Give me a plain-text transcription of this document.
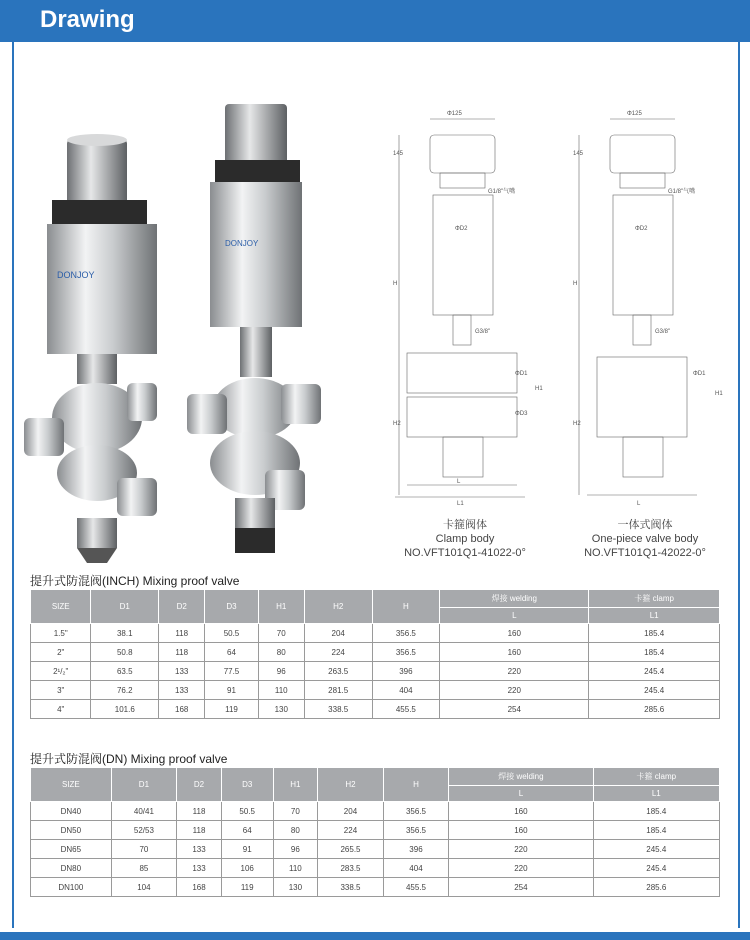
Drawing
DONJOY
DONJOY
Φ125
G1/8"气嘴
ΦD2
145
H
G3/8"
ΦD1
H1
ΦD3
H2
L
L1
Φ125
G1/8"气嘴
ΦD2
145
H
G3/8"
ΦD1
H1
H2
L
卡箍阀体
Clamp body
NO.VFT101Q1-41022-0°
一体式阀体
One-piece valve body
NO.VFT101Q1-42022-0°
提升式防混阀(INCH) Mixing proof valve
SIZE	D1	D2	D3	H1	H2	H	焊接 welding	卡箍 clamp
							L	L1
1.5"	38.1	118	50.5	70	204	356.5	160	185.4
2"	50.8	118	64	80	224	356.5	160	185.4
2¹/₂"	63.5	133	77.5	96	263.5	396	220	245.4
3"	76.2	133	91	110	281.5	404	220	245.4
4"	101.6	168	119	130	338.5	455.5	254	285.6
提升式防混阀(DN) Mixing proof valve
SIZE	D1	D2	D3	H1	H2	H	焊接 welding	卡箍 clamp
							L	L1
DN40	40/41	118	50.5	70	204	356.5	160	185.4
DN50	52/53	118	64	80	224	356.5	160	185.4
DN65	70	133	91	96	265.5	396	220	245.4
DN80	85	133	106	110	283.5	404	220	245.4
DN100	104	168	119	130	338.5	455.5	254	285.6
